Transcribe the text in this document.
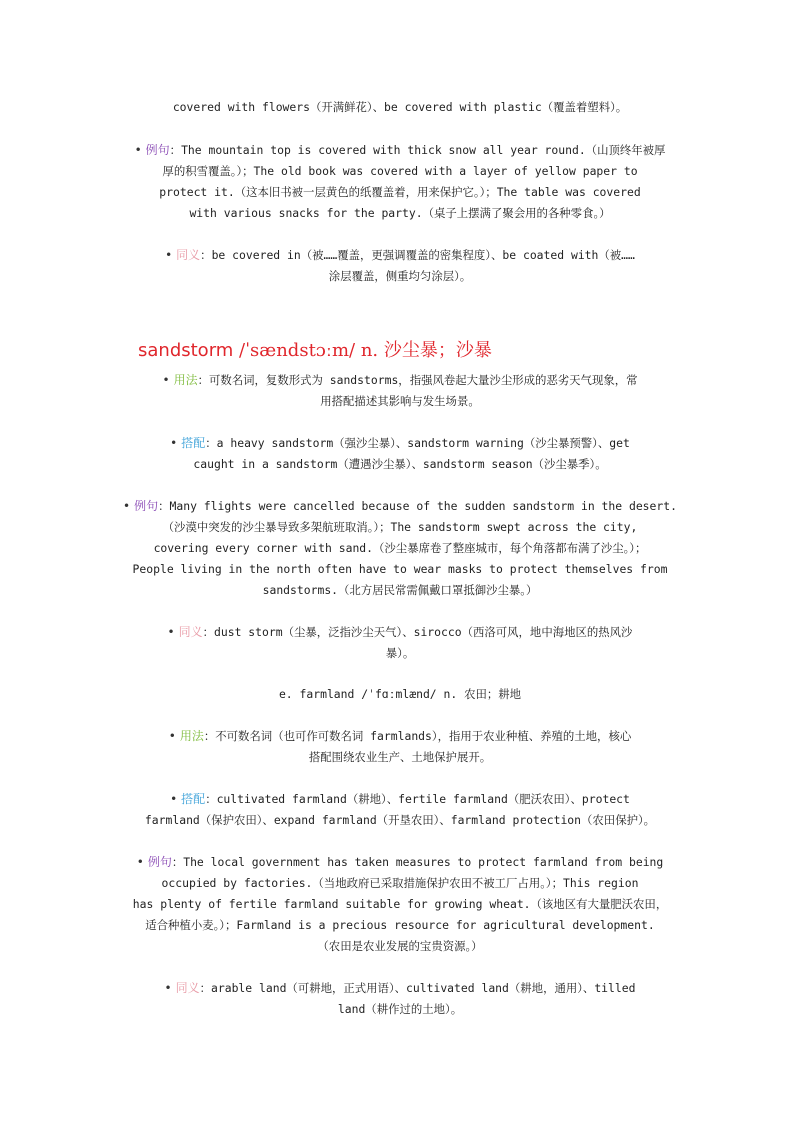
covered with flowers（开满鲜花）、be covered with plastic（覆盖着塑料）。
• 例句：The mountain top is covered with thick snow all year round.（山顶终年被厚
厚的积雪覆盖。）；The old book was covered with a layer of yellow paper to
protect it.（这本旧书被一层黄色的纸覆盖着，用来保护它。）；The table was covered
with various snacks for the party.（桌子上摆满了聚会用的各种零食。）
• 同义：be covered in（被……覆盖，更强调覆盖的密集程度）、be coated with（被……
涂层覆盖，侧重均匀涂层）。
sandstorm /ˈsændstɔːm/ n. 沙尘暴；沙暴
• 用法：可数名词，复数形式为 sandstorms，指强风卷起大量沙尘形成的恶劣天气现象，常
用搭配描述其影响与发生场景。
• 搭配：a heavy sandstorm（强沙尘暴）、sandstorm warning（沙尘暴预警）、get
caught in a sandstorm（遭遇沙尘暴）、sandstorm season（沙尘暴季）。
• 例句：Many flights were cancelled because of the sudden sandstorm in the desert.
（沙漠中突发的沙尘暴导致多架航班取消。）；The sandstorm swept across the city,
covering every corner with sand.（沙尘暴席卷了整座城市，每个角落都布满了沙尘。）；
People living in the north often have to wear masks to protect themselves from
sandstorms.（北方居民常需佩戴口罩抵御沙尘暴。）
• 同义：dust storm（尘暴，泛指沙尘天气）、sirocco（西洛可风，地中海地区的热风沙
暴）。
e. farmland /ˈfɑːmlænd/ n. 农田；耕地
• 用法：不可数名词（也可作可数名词 farmlands），指用于农业种植、养殖的土地，核心
搭配围绕农业生产、土地保护展开。
• 搭配：cultivated farmland（耕地）、fertile farmland（肥沃农田）、protect
farmland（保护农田）、expand farmland（开垦农田）、farmland protection（农田保护）。
• 例句：The local government has taken measures to protect farmland from being
occupied by factories.（当地政府已采取措施保护农田不被工厂占用。）；This region
has plenty of fertile farmland suitable for growing wheat.（该地区有大量肥沃农田，
适合种植小麦。）；Farmland is a precious resource for agricultural development.
（农田是农业发展的宝贵资源。）
• 同义：arable land（可耕地，正式用语）、cultivated land（耕地，通用）、tilled
land（耕作过的土地）。
